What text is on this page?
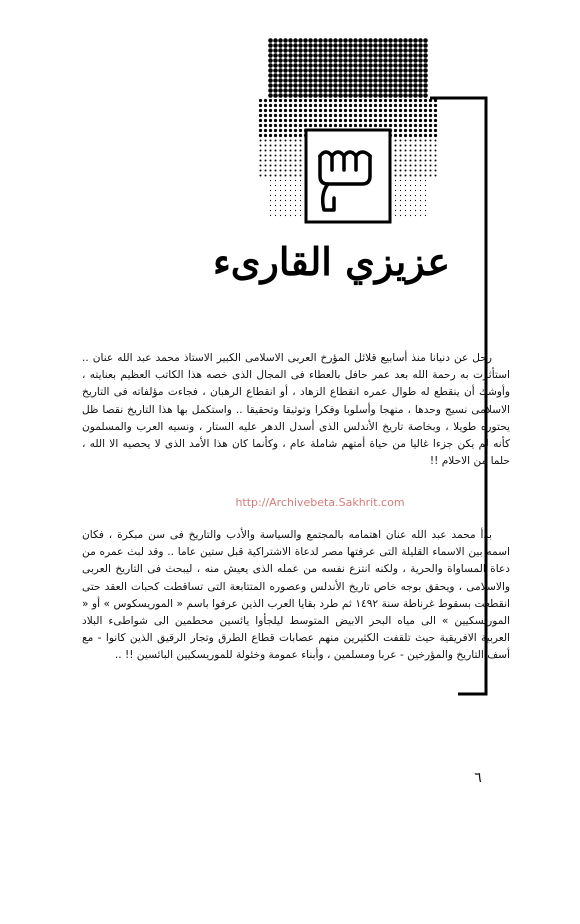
عزيزي القارىء

رحل عن دنيانا منذ أسابيع قلائل المؤرخ العربى الاسلامى الكبير الاستاذ محمد عبد الله عنان .. استأثرت به رحمة الله بعد عمر حافل بالعطاء فى المجال الذى خصه هذا الكاتب العظيم بعنايته ، وأوشك أن ينقطع له طوال عمره انقطاع الزهاد ، أو انقطاع الرهبان ، فجاءت مؤلفاته فى التاريخ الاسلامى نسيج وحدها ، منهجا وأسلوبا وفكرا وتوثيقا وتحقيقا .. واستكمل بها هذا التاريخ نقصا ظل يحتوره طويلا ، وبخاصة تاريخ الأندلس الذى أسدل الدهر عليه الستار ، ونسيه العرب والمسلمون كأنه لم يكن جزءا غاليا من حياة أمتهم شاملة عام ، وكأنما كان هذا الأمد الذى لا يحصيه الا الله ، حلما من الاحلام !!

http://Archivebeta.Sakhrit.com

بدأ محمد عبد الله عنان اهتمامه بالمجتمع والسياسة والأدب والتاريخ فى سن مبكرة ، فكان اسمه بين الاسماء القليلة التى عرفتها مصر لدعاة الاشتراكية قبل ستين عاما .. وقد لبث عمره من دعاة المساواة والحرية ، ولكنه انتزع نفسه من عمله الذى يعيش منه ، ليبحث فى التاريخ العربى والاسلامى ، ويحقق بوجه خاص تاريخ الأندلس وعصوره المتتابعة التى تساقطت كحبات العقد حتى انقطعت بسقوط غرناطة سنة ١٤٩٢ ثم طرد بقايا العرب الذين عرفوا باسم « الموريسكوس » أو « الموريسكيين » الى مياه البحر الابيض المتوسط ليلجأوا يائسين محطمين الى شواطىء البلاد العربية الافريقية حيث تلقفت الكثيرين منهم عصابات قطاع الطرق وتجار الرقيق الذين كانوا - مع أسف التاريخ والمؤرخين - عربا ومسلمين ، وأبناء عمومة وخئولة للموريسكيين البائسين !! ..

٦
